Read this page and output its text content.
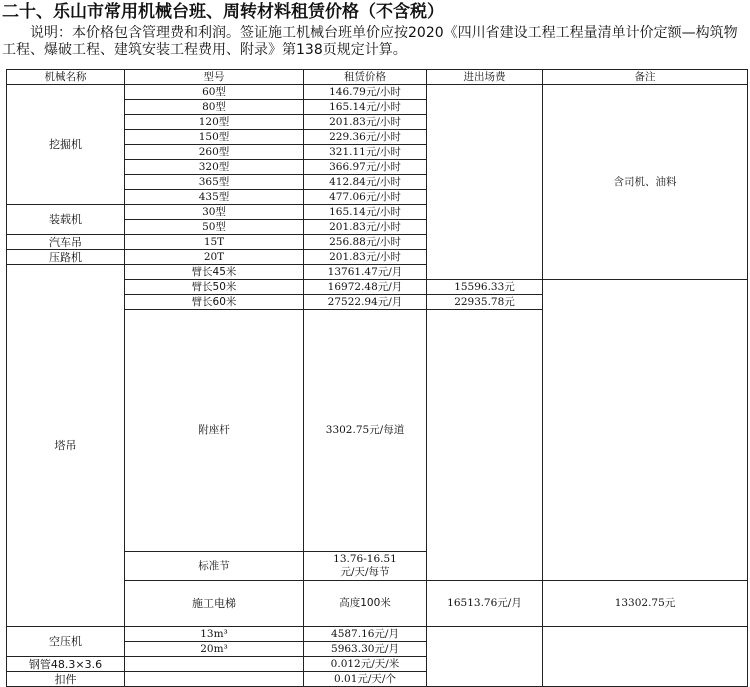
二十、乐山市常用机械台班、周转材料租赁价格（不含税）
说明：本价格包含管理费和利润。签证施工机械台班单价应按2020《四川省建设工程工程量清单计价定额—构筑物工程、爆破工程、建筑安装工程费用、附录》第138页规定计算。
机械名称	型号	租赁价格	进出场费	备注	
挖掘机	60型	146.79元/小时		含司机、油料	
	80型	165.14元/小时			
	120型	201.83元/小时			
	150型	229.36元/小时			
	260型	321.11元/小时			
	320型	366.97元/小时			
	365型	412.84元/小时			
	435型	477.06元/小时			
装载机	30型	165.14元/小时			
	50型	201.83元/小时			
汽车吊	15T	256.88元/小时			
压路机	20T	201.83元/小时			
塔吊	臂长45米	13761.47元/月		
	臂长50米	16972.48元/月	15596.33元		
	臂长60米	27522.94元/月	22935.78元		
	附座杆	3302.75元/每道			
	标准节	13.76-16.51
元/天/每节			

	施工电梯	高度100米	16513.76元/月	13302.75元	
空压机	13m³	4587.16元/月			
	20m³	5963.30元/月			
钢管48.3×3.6		0.012元/天/米			
扣件		0.01元/天/个			
